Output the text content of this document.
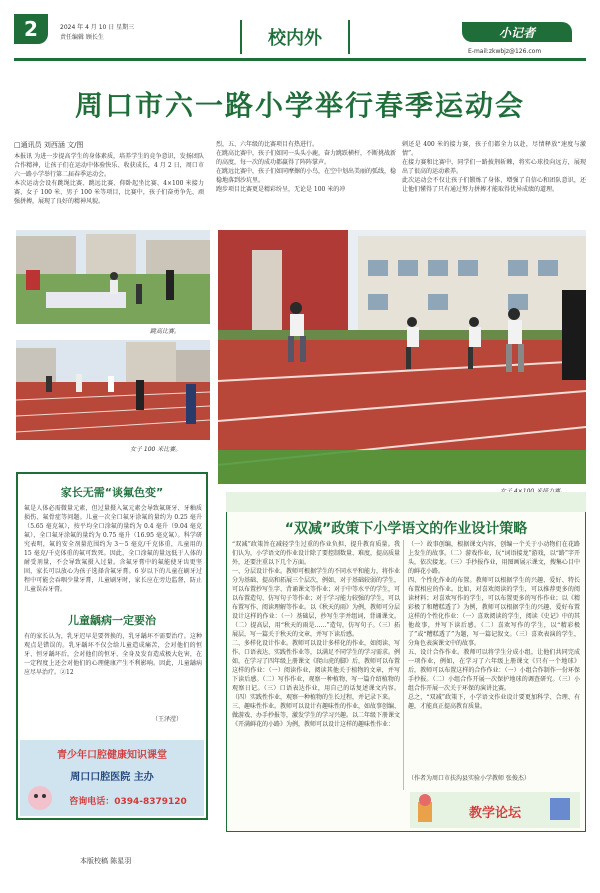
2	2024 年 4 月 10 日 星期三
责任编辑 顾长生	校内外	小记者
E-mail:zkwbjz@126.com
周口市六一路小学举行春季运动会
□通讯员 刘西涵 文/图
本报讯 为进一步提高学生的身体素质，培养学生的竞争意识，发扬团队合作精神，让孩子们在运动中体验快乐、收获成长，4 月 2 日，周口市六一路小学举行第二届春季运动会。
本次运动会设有跳绳比赛、跳远比赛、仰卧起坐比赛、4×100 米接力赛、女子 100 米、男子 100 米等项目，比赛中，孩子们奋勇争先、顽强拼搏，展现了良好的精神风貌。
烈，五、六年级的比赛项目有热进行。
在跳高比赛中，孩子们如同一头头小鹿，奋力跳跃横杆，不断挑战新的高度，每一次的成功都赢得了阵阵掌声。
在跳远比赛中，孩子们如同摩擦的小鸟，在空中划出美丽的弧线，稳稳地落到沙坑里。
跑步项目比赛更是精彩纷呈，无论是 100 米的冲
刺还是 400 米的接力赛，孩子们都全力以赴，尽情释放“速度与激情”。
在接力赛和比赛中，同学们一路披荆斩棘，将实心球投向远方，展现出了很高的运动素养。
此次运动会不仅让孩子们锻炼了身体、增强了自信心和团队意识，还让他们懂得了只有通过努力拼搏才能取得优异成绩的道理。
跳高比赛。
女子 100 米比赛。
家长无需“谈氟色变”
氟是人体必需微量元素，但过量摄入氟元素会导致氟斑牙、牙釉质损伤、氟骨症等问题。儿童一次全口氟牙涂氟的量约为 0.25 毫升（5.65 毫克氟），按平均全口涂氟的量约为 0.4 毫升（9.04 毫克氟），全口氟牙涂氟的量约为 0.75 毫升（16.95 毫克氟）。科学研究表明，氟的安全剂量范围约为 3～5 毫克/千克体重，儿童用的 15 毫克/千克体重的氟可致死。因此，全口涂氟的量远低于人体的耐受剂量，不会导致氟摄入过量。含氟牙膏中的氟能使牙齿更坚固，家长可以放心为孩子选择含氟牙膏。6 岁以下的儿童在刷牙过程中可能会吞咽少量牙膏，儿童刷牙时，家长应在旁边监督，防止儿童误吞牙膏。
儿童龋病一定要治
有的家长认为，乳牙迟早是要替换的，乳牙龋坏不需要治疗。这种观点是错误的。乳牙龋坏不仅会给儿童造成痛苦，会对他们的恒牙、恒牙龋坏后，会对他们的恒牙、全身及发育造成极大危害，在一定程度上还会对他们的心理健康产生不利影响。因此，儿童龋病应尽早治疗。②12
（王泽滢）
青少年口腔健康知识课堂
周口口腔医院 主办
咨询电话：0394-8379120
“双减”政策下小学语文的作业设计策略
“双减”政策旨在减轻学生过重的作业负担，提升教育质量。我们认为，小学语文的作业设计除了要控制数量、难度，提高质量外，还要注重以下几个方面。
一、分层设计作业。教师可根据学生的不同水平和能力，将作业分为基础、提高和拓展三个层次，例如，对于基础较弱的学生，可以布置抄写生字、背诵课文等作业；对于中等水平的学生，可以布置造句、仿写句子等作业；对于学习能力较强的学生，可以布置写作、阅读理解等作业。以《秋天的雨》为例，教师可分层设计这样的作业：（一）基础层，抄写生字并组词，背诵课文。（二）提高层，用“秋天的雨是……”造句，仿写句子。（三）拓展层，写一篇关于秋天的文章，并写下读后感。
二、多样化设计作业。教师可以设计多样化的作业，如阅读、写作、口语表达、实践性作业等，以满足不同学生的学习需求。例如，在学习了四年级上册课文《爬山虎的脚》后，教师可以布置这样的作业：（一）阅读作业，阅读其他关于植物的文章，并写下读后感。（二）写作作业，观察一种植物，写一篇介绍植物的观察日记。（三）口语表达作业，用自己的话复述课文内容。（四）实践性作业，观察一种植物的生长过程，并记录下来。
三、趣味性作业。教师可以设计有趣味性的作业，如故事创编、做游戏、办手抄报等，激发学生的学习兴趣。以二年级下册课文《开满鲜花的小路》为例，教师可以设计这样的趣味性作业：
（一）故事创编，根据课文内容，创编一个关于小动物们在花路上发生的故事。（二）游戏作业，玩“词语接龙”游戏，以“路”字开头，依次接龙。（三）手抄报作业，用图画展示课文，搜集心目中的鲜花小路。
四、个性化作业的布置。教师可以根据学生的兴趣、爱好、特长布置相应的作业。比如，对喜欢阅读的学生，可以推荐更多的阅读材料；对喜欢写作的学生，可以布置更多的写作作业；以《精彩极了和糟糕透了》为例，教师可以根据学生的兴趣、爱好布置这样的个性化作业：（一）喜欢阅读的学生，阅读《史记》中的其他故事，并写下读后感。（二）喜欢写作的学生，以“精彩极了”或“糟糕透了”为题，写一篇记叙文。（三）喜欢表演的学生，分角色表演课文中的故事。
五、设计合作作业。教师可以将学生分成小组，让他们共同完成一项作业，例如，在学习了六年级上册课文《只有一个地球》后，教师可以布置这样的合作作业：（一）小组合作制作一份环保手抄报。（二）小组合作开展一次保护地球的调查研究。（三）小组合作开展一次关于环保的演讲比赛。
总之，“双减”政策下，小学语文作业设计要更加科学、合理、有趣，才能真正提高教育质量。
（作者为周口市扶沟县实验小学教师 张俊杰）
教学论坛
本版校稿 陈星羽
